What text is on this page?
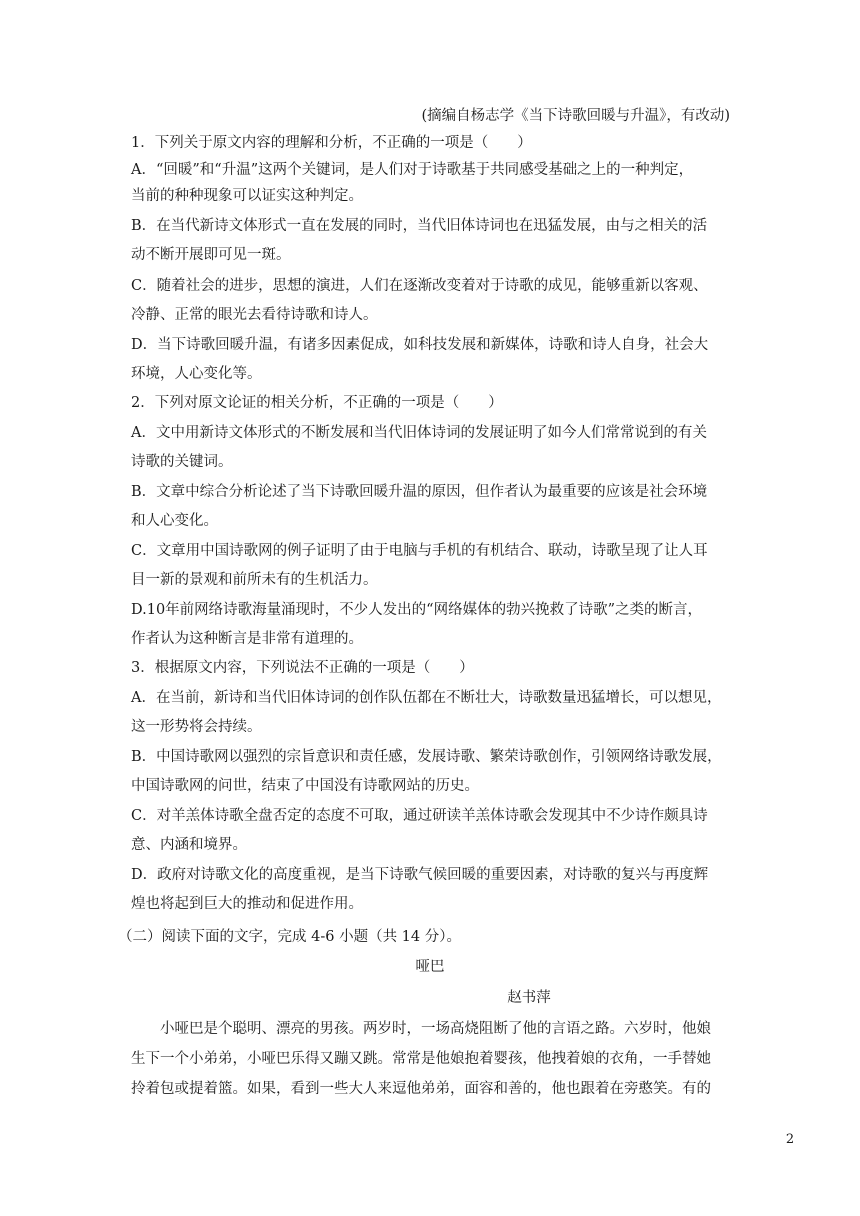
(摘编自杨志学《当下诗歌回暖与升温》，有改动)
1．下列关于原文内容的理解和分析，不正确的一项是（　　）
A．“回暖”和“升温”这两个关键词，是人们对于诗歌基于共同感受基础之上的一种判定，
当前的种种现象可以证实这种判定。
B．在当代新诗文体形式一直在发展的同时，当代旧体诗词也在迅猛发展，由与之相关的活
动不断开展即可见一斑。
C．随着社会的进步，思想的演进，人们在逐渐改变着对于诗歌的成见，能够重新以客观、
冷静、正常的眼光去看待诗歌和诗人。
D．当下诗歌回暖升温，有诸多因素促成，如科技发展和新媒体，诗歌和诗人自身，社会大
环境，人心变化等。
2．下列对原文论证的相关分析，不正确的一项是（　　）
A．文中用新诗文体形式的不断发展和当代旧体诗词的发展证明了如今人们常常说到的有关
诗歌的关键词。
B．文章中综合分析论述了当下诗歌回暖升温的原因，但作者认为最重要的应该是社会环境
和人心变化。
C．文章用中国诗歌网的例子证明了由于电脑与手机的有机结合、联动，诗歌呈现了让人耳
目一新的景观和前所未有的生机活力。
D.10年前网络诗歌海量涌现时，不少人发出的“网络媒体的勃兴挽救了诗歌”之类的断言，
作者认为这种断言是非常有道理的。
3．根据原文内容，下列说法不正确的一项是（　　）
A．在当前，新诗和当代旧体诗词的创作队伍都在不断壮大，诗歌数量迅猛增长，可以想见，
这一形势将会持续。
B．中国诗歌网以强烈的宗旨意识和责任感，发展诗歌、繁荣诗歌创作，引领网络诗歌发展，
中国诗歌网的问世，结束了中国没有诗歌网站的历史。
C．对羊羔体诗歌全盘否定的态度不可取，通过研读羊羔体诗歌会发现其中不少诗作颇具诗
意、内涵和境界。
D．政府对诗歌文化的高度重视，是当下诗歌气候回暖的重要因素，对诗歌的复兴与再度辉
煌也将起到巨大的推动和促进作用。
（二）阅读下面的文字，完成 4-6 小题（共 14 分）。
哑巴
赵书萍
小哑巴是个聪明、漂亮的男孩。两岁时，一场高烧阻断了他的言语之路。六岁时，他娘
生下一个小弟弟，小哑巴乐得又蹦又跳。常常是他娘抱着婴孩，他拽着娘的衣角，一手替她
拎着包或提着篮。如果，看到一些大人来逗他弟弟，面容和善的，他也跟着在旁憨笑。有的
2
